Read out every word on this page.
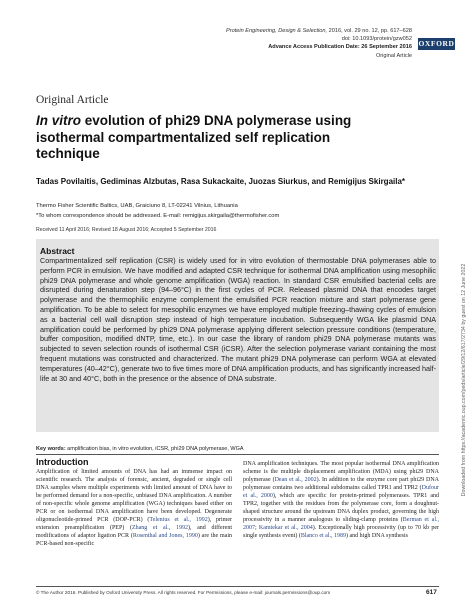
Protein Engineering, Design & Selection, 2016, vol. 29 no. 12, pp. 617–628
doi: 10.1093/protein/gzw052
Advance Access Publication Date: 26 September 2016
Original Article
OXFORD
Downloaded from https://academic.oup.com/peds/article/29/12/617/2734 by guest on 12 June 2022
Original Article
In vitro evolution of phi29 DNA polymerase using isothermal compartmentalized self replication technique
Tadas Povilaitis, Gediminas Alzbutas, Rasa Sukackaite, Juozas Siurkus, and Remigijus Skirgaila*
Thermo Fisher Scientific Baltics, UAB, Graiciuno 8, LT-02241 Vilnius, Lithuania
*To whom correspondence should be addressed. E-mail: remigijus.skirgaila@thermofisher.com
Received 11 April 2016; Revised 18 August 2016; Accepted 5 September 2016
Abstract
Compartmentalized self replication (CSR) is widely used for in vitro evolution of thermostable DNA polymerases able to perform PCR in emulsion. We have modified and adapted CSR technique for isothermal DNA amplification using mesophilic phi29 DNA polymerase and whole genome amplification (WGA) reaction. In standard CSR emulsified bacterial cells are disrupted during denaturation step (94–96°C) in the first cycles of PCR. Released plasmid DNA that encodes target polymerase and the thermophilic enzyme complement the emulsified PCR reaction mixture and start polymerase gene amplification. To be able to select for mesophilic enzymes we have employed multiple freezing–thawing cycles of emulsion as a bacterial cell wall disruption step instead of high temperature incubation. Subsequently WGA like plasmid DNA amplification could be performed by phi29 DNA polymerase applying different selection pressure conditions (temperature, buffer composition, modified dNTP, time, etc.). In our case the library of random phi29 DNA polymerase mutants was subjected to seven selection rounds of isothermal CSR (iCSR). After the selection polymerase variant containing the most frequent mutations was constructed and characterized. The mutant phi29 DNA polymerase can perform WGA at elevated temperatures (40–42°C), generate two to five times more of DNA amplification products, and has significantly increased half-life at 30 and 40°C, both in the presence or the absence of DNA substrate.
Key words: amplification bias, in vitro evolution, iCSR, phi29 DNA polymerase, WGA
Introduction
Amplification of limited amounts of DNA has had an immense impact on scientific research. The analysis of forensic, ancient, degraded or single cell DNA samples where multiple experiments with limited amount of DNA have to be performed demand for a non-specific, unbiased DNA amplification. A number of non-specific whole genome amplification (WGA) techniques based either on PCR or on isothermal DNA amplification have been developed. Degenerate oligonucleotide-primed PCR (DOP-PCR) (Telenius et al., 1992), primer extension preamplification (PEP) (Zhang et al., 1992), and different modifications of adaptor ligation PCR (Rosenthal and Jones, 1990) are the main PCR-based non-specific
DNA amplification techniques. The most popular isothermal DNA amplification scheme is the multiple displacement amplification (MDA) using phi29 DNA polymerase (Dean et al., 2002). In addition to the enzyme core part phi29 DNA polymerase contains two additional subdomains called TPR1 and TPR2 (Dufour et al., 2000), which are specific for protein-primed polymerases. TPR1 and TPR2, together with the residues from the polymerase core, form a doughnut-shaped structure around the upstream DNA duplex product, governing the high processivity in a manner analogous to sliding-clamp proteins (Berman et al., 2007; Kamtekar et al., 2004). Exceptionally high processivity (up to 70 kb per single synthesis event) (Blanco et al., 1989) and high DNA synthesis
© The Author 2016. Published by Oxford University Press. All rights reserved. For Permissions, please e-mail: journals.permissions@oup.com	617
